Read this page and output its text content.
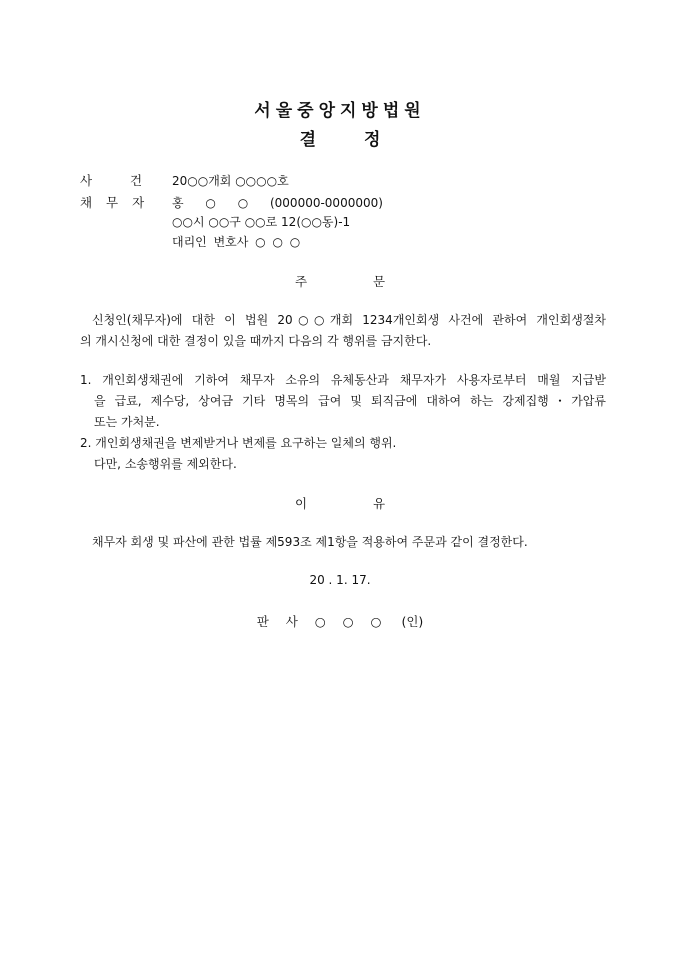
서울중앙지방법원
결 정
사 건 20○○개회 ○○○○호
채 무 자 홍 ○ ○ (000000-0000000)
○○시 ○○구 ○○로 12(○○동)-1
대리인 변호사 ○ ○ ○
주 문
신청인(채무자)에 대한 이 법원 20○○개회 1234개인회생 사건에 관하여 개인회생절차
의 개시신청에 대한 결정이 있을 때까지 다음의 각 행위를 금지한다.
1. 개인회생채권에 기하여 채무자 소유의 유체동산과 채무자가 사용자로부터 매월 지급받
을 급료, 제수당, 상여금 기타 명목의 급여 및 퇴직금에 대하여 하는 강제집행・가압류
또는 가처분.
2. 개인회생채권을 변제받거나 변제를 요구하는 일체의 행위.
다만, 소송행위를 제외한다.
이 유
채무자 회생 및 파산에 관한 법률 제593조 제1항을 적용하여 주문과 같이 결정한다.
20 . 1. 17.
판 사 ○ ○ ○ (인)
